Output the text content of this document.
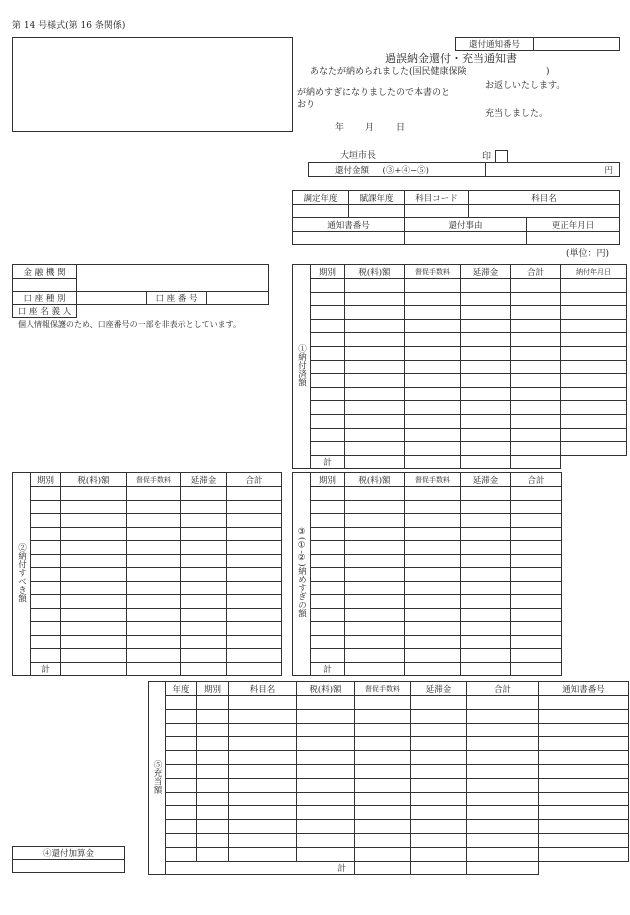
第 14 号様式(第 16 条関係)
還付通知番号	
過誤納金還付・充当通知書
あなたが納められました(国民健康保険	)
お返しいたします。
が納めすぎになりましたので本書のと
おり
充当しました。
年 月 日
大垣市長	印
還付金額 (③+④−⑤)	円
調定年度	賦課年度	科目コード	科目名	

通知書番号		還付事由		更正年月日

(単位：円)
金 融 機 関			

口 座 種 別		口 座 番 号	
口 座 名 義 人			
個人情報保護のため、口座番号の一部を非表示としています。
①納付済額	期別	税(料)額	督促手数料	延滞金	合計	納付年月日

	計					
②納付すべき額	期別	税(料)額	督促手数料	延滞金	合計

	計				
③(①-②)納めすぎの額	期別	税(料)額	督促手数料	延滞金	合計

	計				
⑤充当額	年度	期別	科目名	税(料)額	督促手数料	延滞金	合計	通知書番号

	計							
④還付加算金
